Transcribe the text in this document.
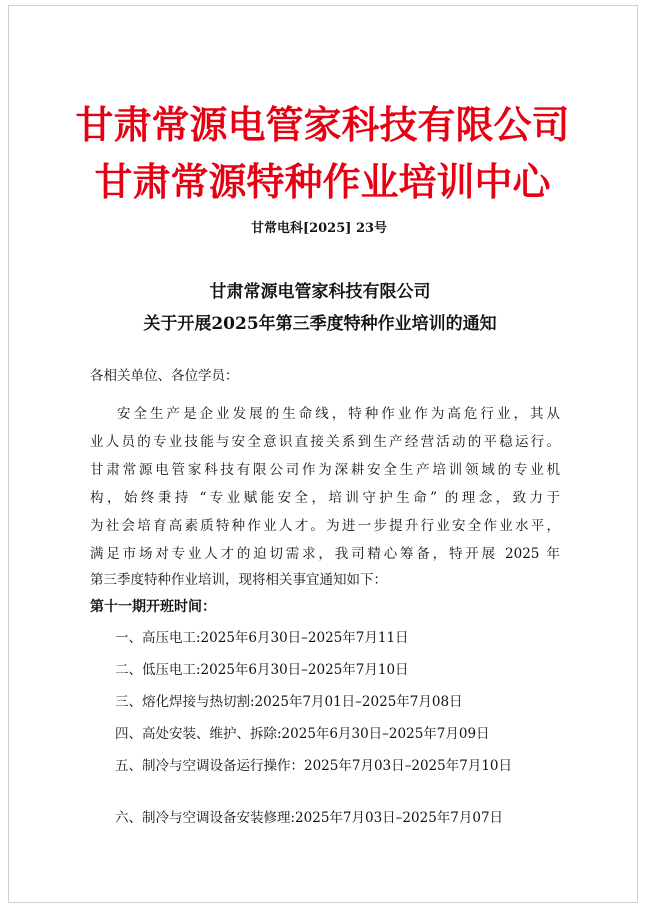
甘肃常源电管家科技有限公司
甘肃常源特种作业培训中心
甘常电科[2025] 23号
甘肃常源电管家科技有限公司
关于开展2025年第三季度特种作业培训的通知
各相关单位、各位学员：
安全生产是企业发展的生命线，特种作业作为高危行业，其从
业人员的专业技能与安全意识直接关系到生产经营活动的平稳运行。
甘肃常源电管家科技有限公司作为深耕安全生产培训领域的专业机
构，始终秉持 “专业赋能安全，培训守护生命” 的理念，致力于
为社会培育高素质特种作业人才。为进一步提升行业安全作业水平，
满足市场对专业人才的迫切需求，我司精心筹备，特开展 2025 年
第三季度特种作业培训，现将相关事宜通知如下：
第十一期开班时间：
一、高压电工:2025年6月30日–2025年7月11日
二、低压电工:2025年6月30日–2025年7月10日
三、熔化焊接与热切割:2025年7月01日–2025年7月08日
四、高处安装、维护、拆除:2025年6月30日–2025年7月09日
五、制冷与空调设备运行操作：2025年7月03日–2025年7月10日
六、制冷与空调设备安装修理:2025年7月03日–2025年7月07日
